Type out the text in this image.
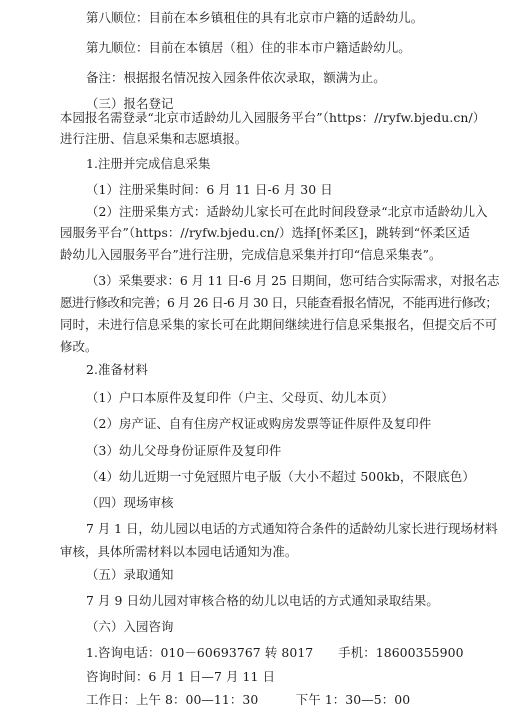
第八顺位：目前在本乡镇租住的具有北京市户籍的适龄幼儿。
第九顺位：目前在本镇居（租）住的非本市户籍适龄幼儿。
备注：根据报名情况按入园条件依次录取，额满为止。
（三）报名登记
本园报名需登录“北京市适龄幼儿入园服务平台”（https：//ryfw.bjedu.cn/）
进行注册、信息采集和志愿填报。
1.注册并完成信息采集
（1）注册采集时间：6 月 11 日-6 月 30 日
（2）注册采集方式：适龄幼儿家长可在此时间段登录“北京市适龄幼儿入
园服务平台”（https：//ryfw.bjedu.cn/）选择[怀柔区]，跳转到“怀柔区适
龄幼儿入园服务平台”进行注册，完成信息采集并打印“信息采集表”。
（3）采集要求：6 月 11 日-6 月 25 日期间，您可结合实际需求，对报名志
愿进行修改和完善；6 月 26 日-6 月 30 日，只能查看报名情况，不能再进行修改；
同时，未进行信息采集的家长可在此期间继续进行信息采集报名，但提交后不可
修改。
2.准备材料
（1）户口本原件及复印件（户主、父母页、幼儿本页）
（2）房产证、自有住房产权证或购房发票等证件原件及复印件
（3）幼儿父母身份证原件及复印件
（4）幼儿近期一寸免冠照片电子版（大小不超过 500kb，不限底色）
（四）现场审核
7 月 1 日，幼儿园以电话的方式通知符合条件的适龄幼儿家长进行现场材料
审核，具体所需材料以本园电话通知为准。
（五）录取通知
7 月 9 日幼儿园对审核合格的幼儿以电话的方式通知录取结果。
（六）入园咨询
1.咨询电话：010－60693767 转 8017　　手机：18600355900
咨询时间：6 月 1 日—7 月 11 日
工作日：上午 8：00—11：30　　　下午 1：30—5：00
